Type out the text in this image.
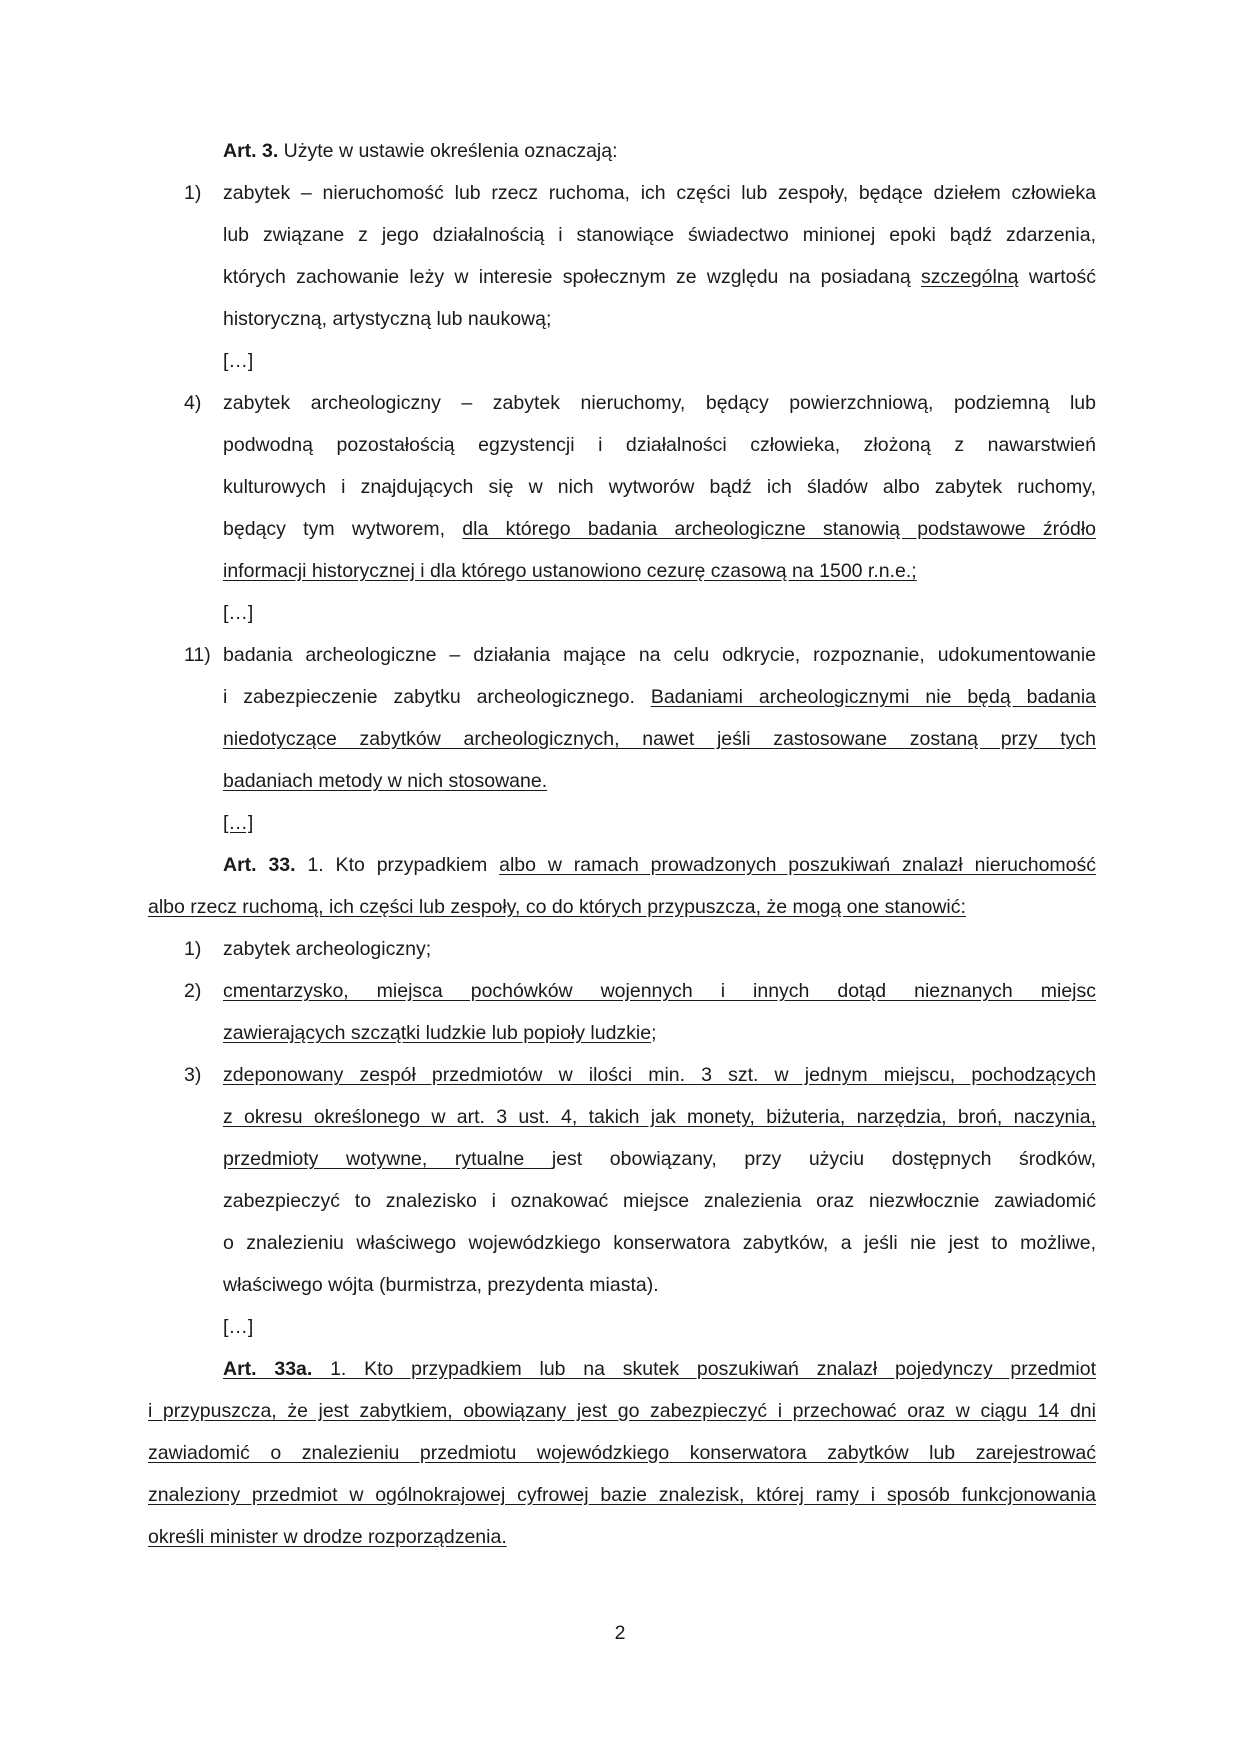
Art. 3. Użyte w ustawie określenia oznaczają:
1)	zabytek – nieruchomość lub rzecz ruchoma, ich części lub zespoły, będące dziełem człowieka
lub związane z jego działalnością i stanowiące świadectwo minionej epoki bądź zdarzenia,
których zachowanie leży w interesie społecznym ze względu na posiadaną szczególną wartość
historyczną, artystyczną lub naukową;
[…]
4)	zabytek archeologiczny – zabytek nieruchomy, będący powierzchniową, podziemną lub
podwodną pozostałością egzystencji i działalności człowieka, złożoną z nawarstwień
kulturowych i znajdujących się w nich wytworów bądź ich śladów albo zabytek ruchomy,
będący tym wytworem, dla którego badania archeologiczne stanowią podstawowe źródło
informacji historycznej i dla którego ustanowiono cezurę czasową na 1500 r.n.e.;
[…]
11) badania archeologiczne – działania mające na celu odkrycie, rozpoznanie, udokumentowanie
i zabezpieczenie zabytku archeologicznego. Badaniami archeologicznymi nie będą badania
niedotyczące zabytków archeologicznych, nawet jeśli zastosowane zostaną przy tych
badaniach metody w nich stosowane.
[…]
Art. 33. 1. Kto przypadkiem albo w ramach prowadzonych poszukiwań znalazł nieruchomość
albo rzecz ruchomą, ich części lub zespoły, co do których przypuszcza, że mogą one stanowić:
1)	zabytek archeologiczny;
2)	cmentarzysko, miejsca pochówków wojennych i innych dotąd nieznanych miejsc
zawierających szczątki ludzkie lub popioły ludzkie;
3)	zdeponowany zespół przedmiotów w ilości min. 3 szt. w jednym miejscu, pochodzących
z okresu określonego w art. 3 ust. 4, takich jak monety, biżuteria, narzędzia, broń, naczynia,
przedmioty wotywne, rytualne jest obowiązany, przy użyciu dostępnych środków,
zabezpieczyć to znalezisko i oznakować miejsce znalezienia oraz niezwłocznie zawiadomić
o znalezieniu właściwego wojewódzkiego konserwatora zabytków, a jeśli nie jest to możliwe,
właściwego wójta (burmistrza, prezydenta miasta).
[…]
Art. 33a. 1. Kto przypadkiem lub na skutek poszukiwań znalazł pojedynczy przedmiot
i przypuszcza, że jest zabytkiem, obowiązany jest go zabezpieczyć i przechować oraz w ciągu 14 dni
zawiadomić o znalezieniu przedmiotu wojewódzkiego konserwatora zabytków lub zarejestrować
znaleziony przedmiot w ogólnokrajowej cyfrowej bazie znalezisk, której ramy i sposób funkcjonowania
określi minister w drodze rozporządzenia.
2
